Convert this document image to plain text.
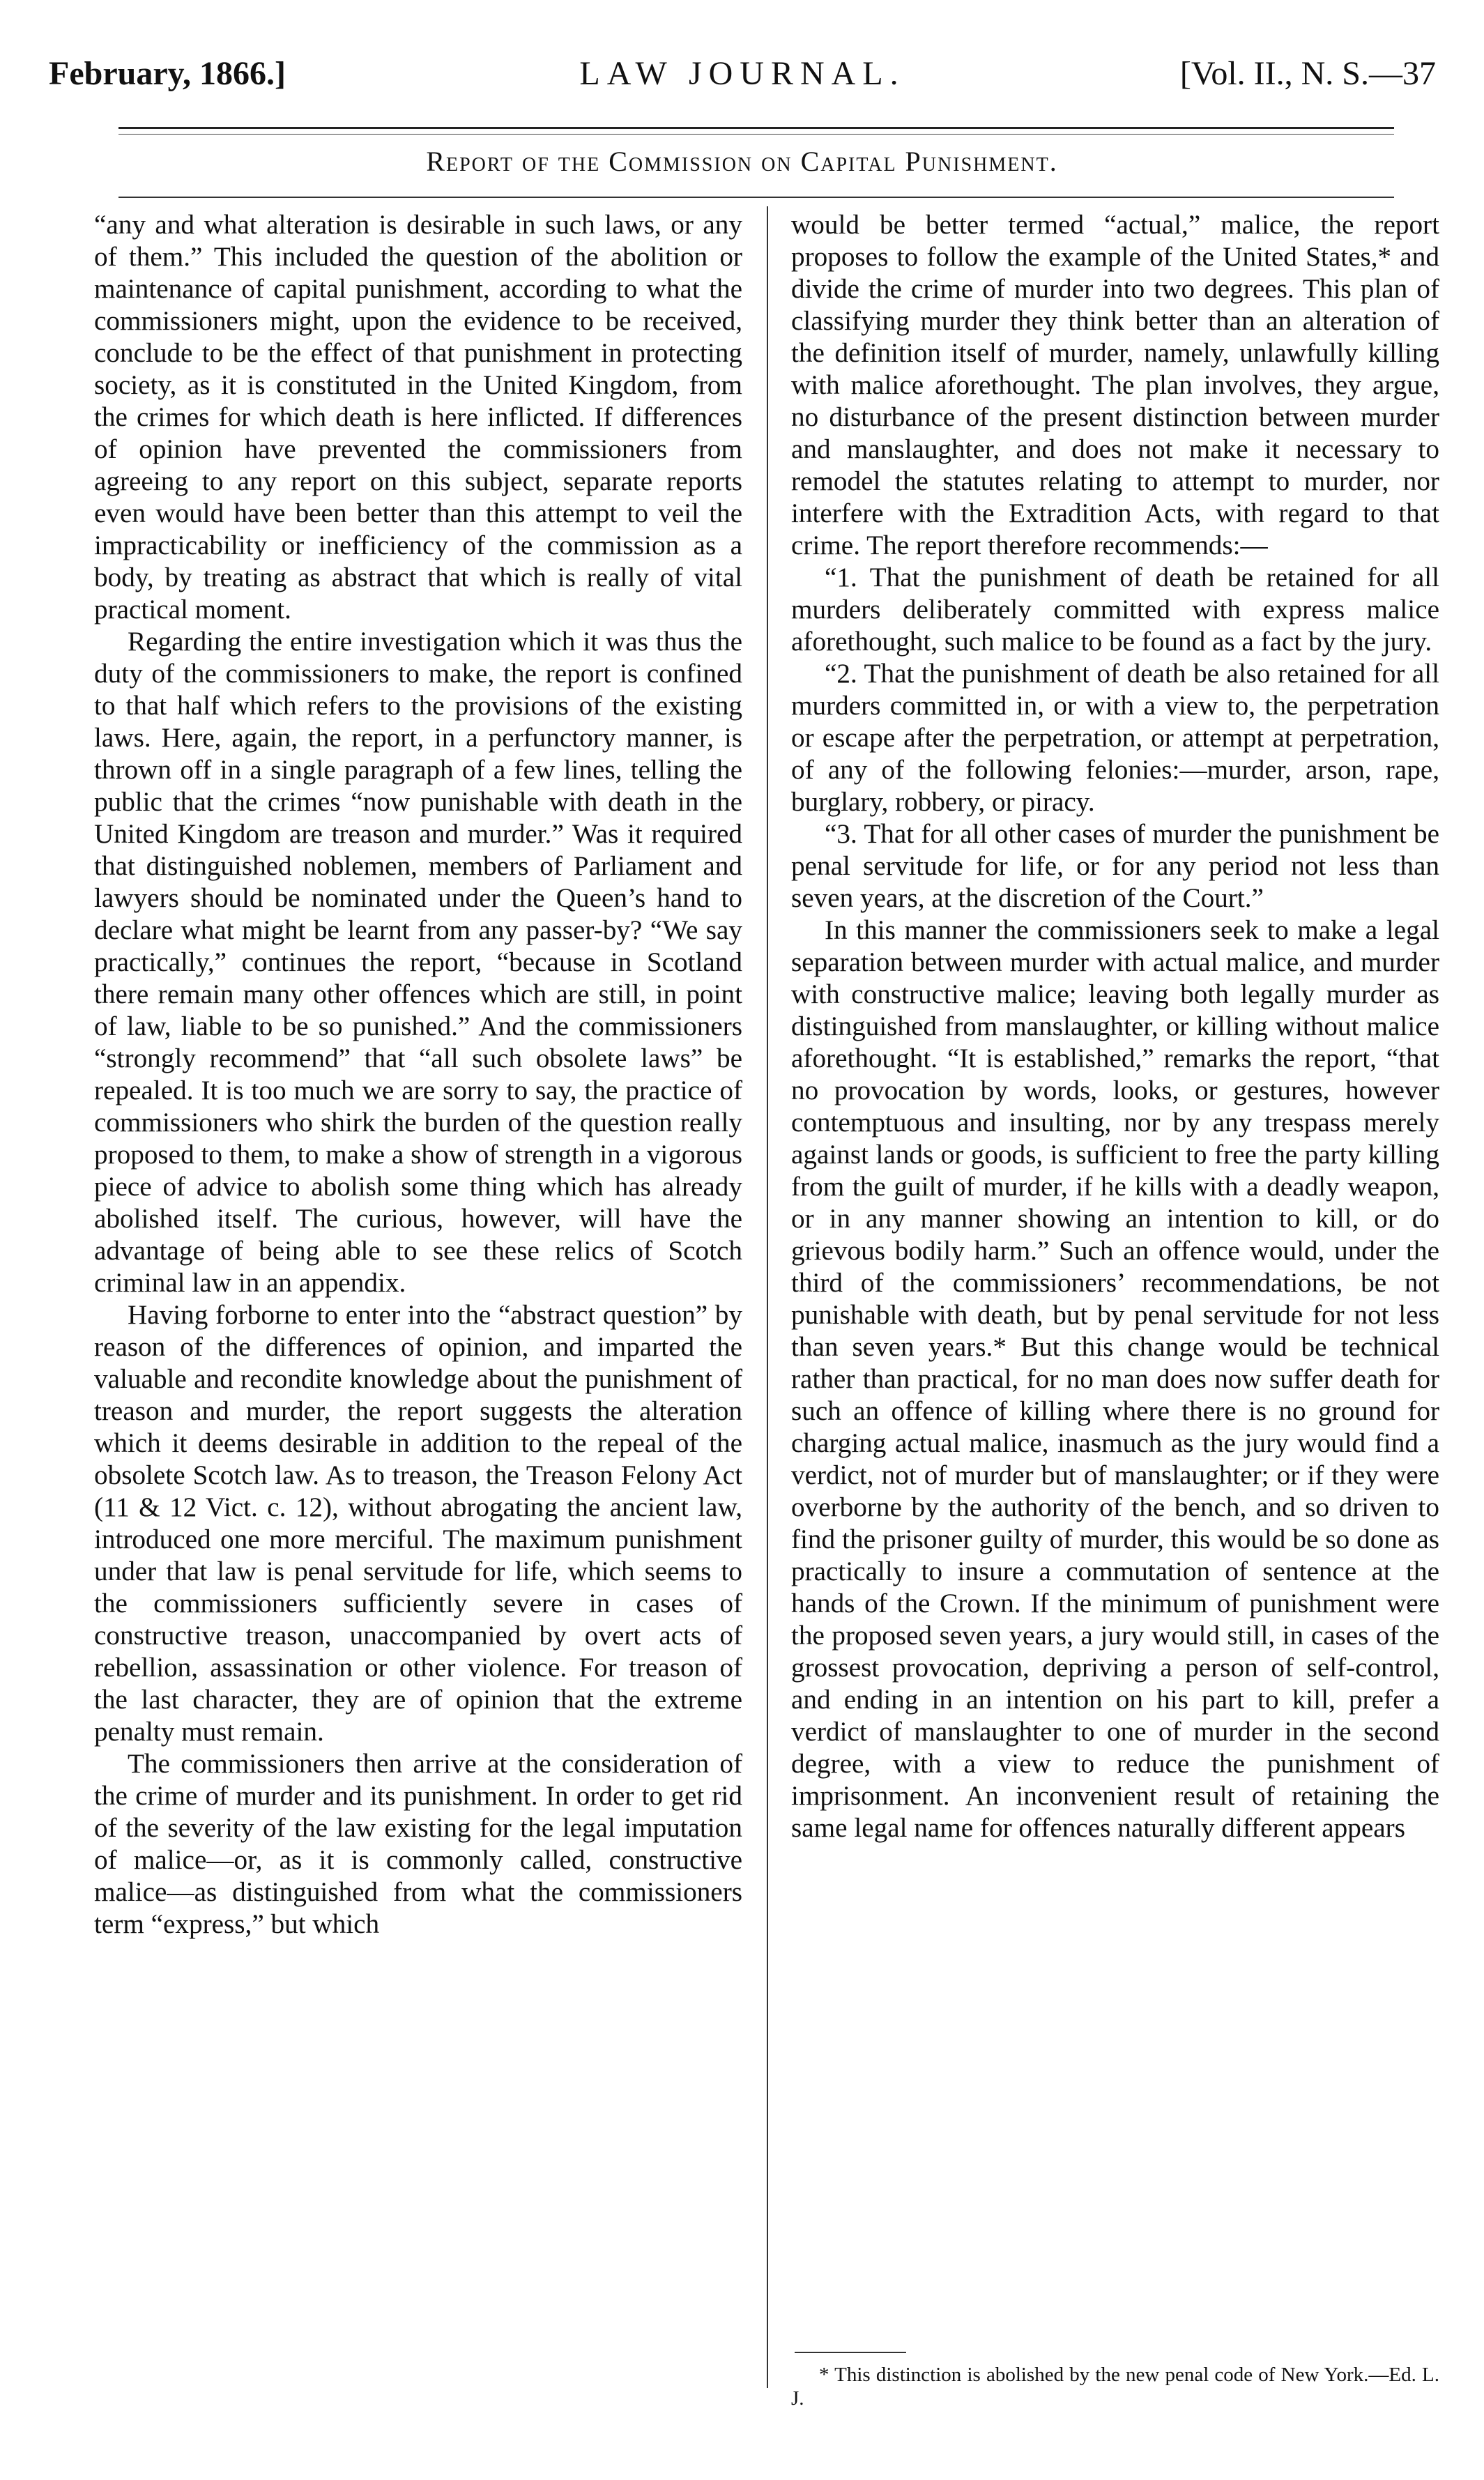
February, 1866.]	LAW JOURNAL.	[Vol. II., N. S.—37
Report of the Commission on Capital Punishment.

“any and what alteration is desirable in such laws, or any of them.” This included the question of the abolition or maintenance of capital punishment, according to what the commissioners might, upon the evidence to be received, conclude to be the effect of that punishment in protecting society, as it is constituted in the United Kingdom, from the crimes for which death is here inflicted. If differences of opinion have prevented the commissioners from agreeing to any report on this subject, separate reports even would have been better than this attempt to veil the impracticability or inefficiency of the commission as a body, by treating as abstract that which is really of vital practical moment.

Regarding the entire investigation which it was thus the duty of the commissioners to make, the report is confined to that half which refers to the provisions of the existing laws. Here, again, the report, in a perfunctory manner, is thrown off in a single paragraph of a few lines, telling the public that the crimes “now punishable with death in the United Kingdom are treason and murder.” Was it required that distinguished noblemen, members of Parliament and lawyers should be nominated under the Queen’s hand to declare what might be learnt from any passer-by? “We say practically,” continues the report, “because in Scotland there remain many other offences which are still, in point of law, liable to be so punished.” And the commissioners “strongly recommend” that “all such obsolete laws” be repealed. It is too much we are sorry to say, the practice of commissioners who shirk the burden of the question really proposed to them, to make a show of strength in a vigorous piece of advice to abolish some thing which has already abolished itself. The curious, however, will have the advantage of being able to see these relics of Scotch criminal law in an appendix.

Having forborne to enter into the “abstract question” by reason of the differences of opinion, and imparted the valuable and recondite knowledge about the punishment of treason and murder, the report suggests the alteration which it deems desirable in addition to the repeal of the obsolete Scotch law. As to treason, the Treason Felony Act (11 & 12 Vict. c. 12), without abrogating the ancient law, introduced one more merciful. The maximum punishment under that law is penal servitude for life, which seems to the commissioners sufficiently severe in cases of constructive treason, unaccompanied by overt acts of rebellion, assassination or other violence. For treason of the last character, they are of opinion that the extreme penalty must remain.

The commissioners then arrive at the consideration of the crime of murder and its punishment. In order to get rid of the severity of the law existing for the legal imputation of malice—or, as it is commonly called, constructive malice—as distinguished from what the commissioners term “express,” but which

would be better termed “actual,” malice, the report proposes to follow the example of the United States,* and divide the crime of murder into two degrees. This plan of classifying murder they think better than an alteration of the definition itself of murder, namely, unlawfully killing with malice aforethought. The plan involves, they argue, no disturbance of the present distinction between murder and manslaughter, and does not make it necessary to remodel the statutes relating to attempt to murder, nor interfere with the Extradition Acts, with regard to that crime. The report therefore recommends:—

“1. That the punishment of death be retained for all murders deliberately committed with express malice aforethought, such malice to be found as a fact by the jury.

“2. That the punishment of death be also retained for all murders committed in, or with a view to, the perpetration or escape after the perpetration, or attempt at perpetration, of any of the following felonies:—murder, arson, rape, burglary, robbery, or piracy.

“3. That for all other cases of murder the punishment be penal servitude for life, or for any period not less than seven years, at the discretion of the Court.”

In this manner the commissioners seek to make a legal separation between murder with actual malice, and murder with constructive malice; leaving both legally murder as distinguished from manslaughter, or killing without malice aforethought. “It is established,” remarks the report, “that no provocation by words, looks, or gestures, however contemptuous and insulting, nor by any trespass merely against lands or goods, is sufficient to free the party killing from the guilt of murder, if he kills with a deadly weapon, or in any manner showing an intention to kill, or do grievous bodily harm.” Such an offence would, under the third of the commissioners’ recommendations, be not punishable with death, but by penal servitude for not less than seven years.* But this change would be technical rather than practical, for no man does now suffer death for such an offence of killing where there is no ground for charging actual malice, inasmuch as the jury would find a verdict, not of murder but of manslaughter; or if they were overborne by the authority of the bench, and so driven to find the prisoner guilty of murder, this would be so done as practically to insure a commutation of sentence at the hands of the Crown. If the minimum of punishment were the proposed seven years, a jury would still, in cases of the grossest provocation, depriving a person of self-control, and ending in an intention on his part to kill, prefer a verdict of manslaughter to one of murder in the second degree, with a view to reduce the punishment of imprisonment. An inconvenient result of retaining the same legal name for offences naturally different appears

* This distinction is abolished by the new penal code of New York.—Ed. L. J.
